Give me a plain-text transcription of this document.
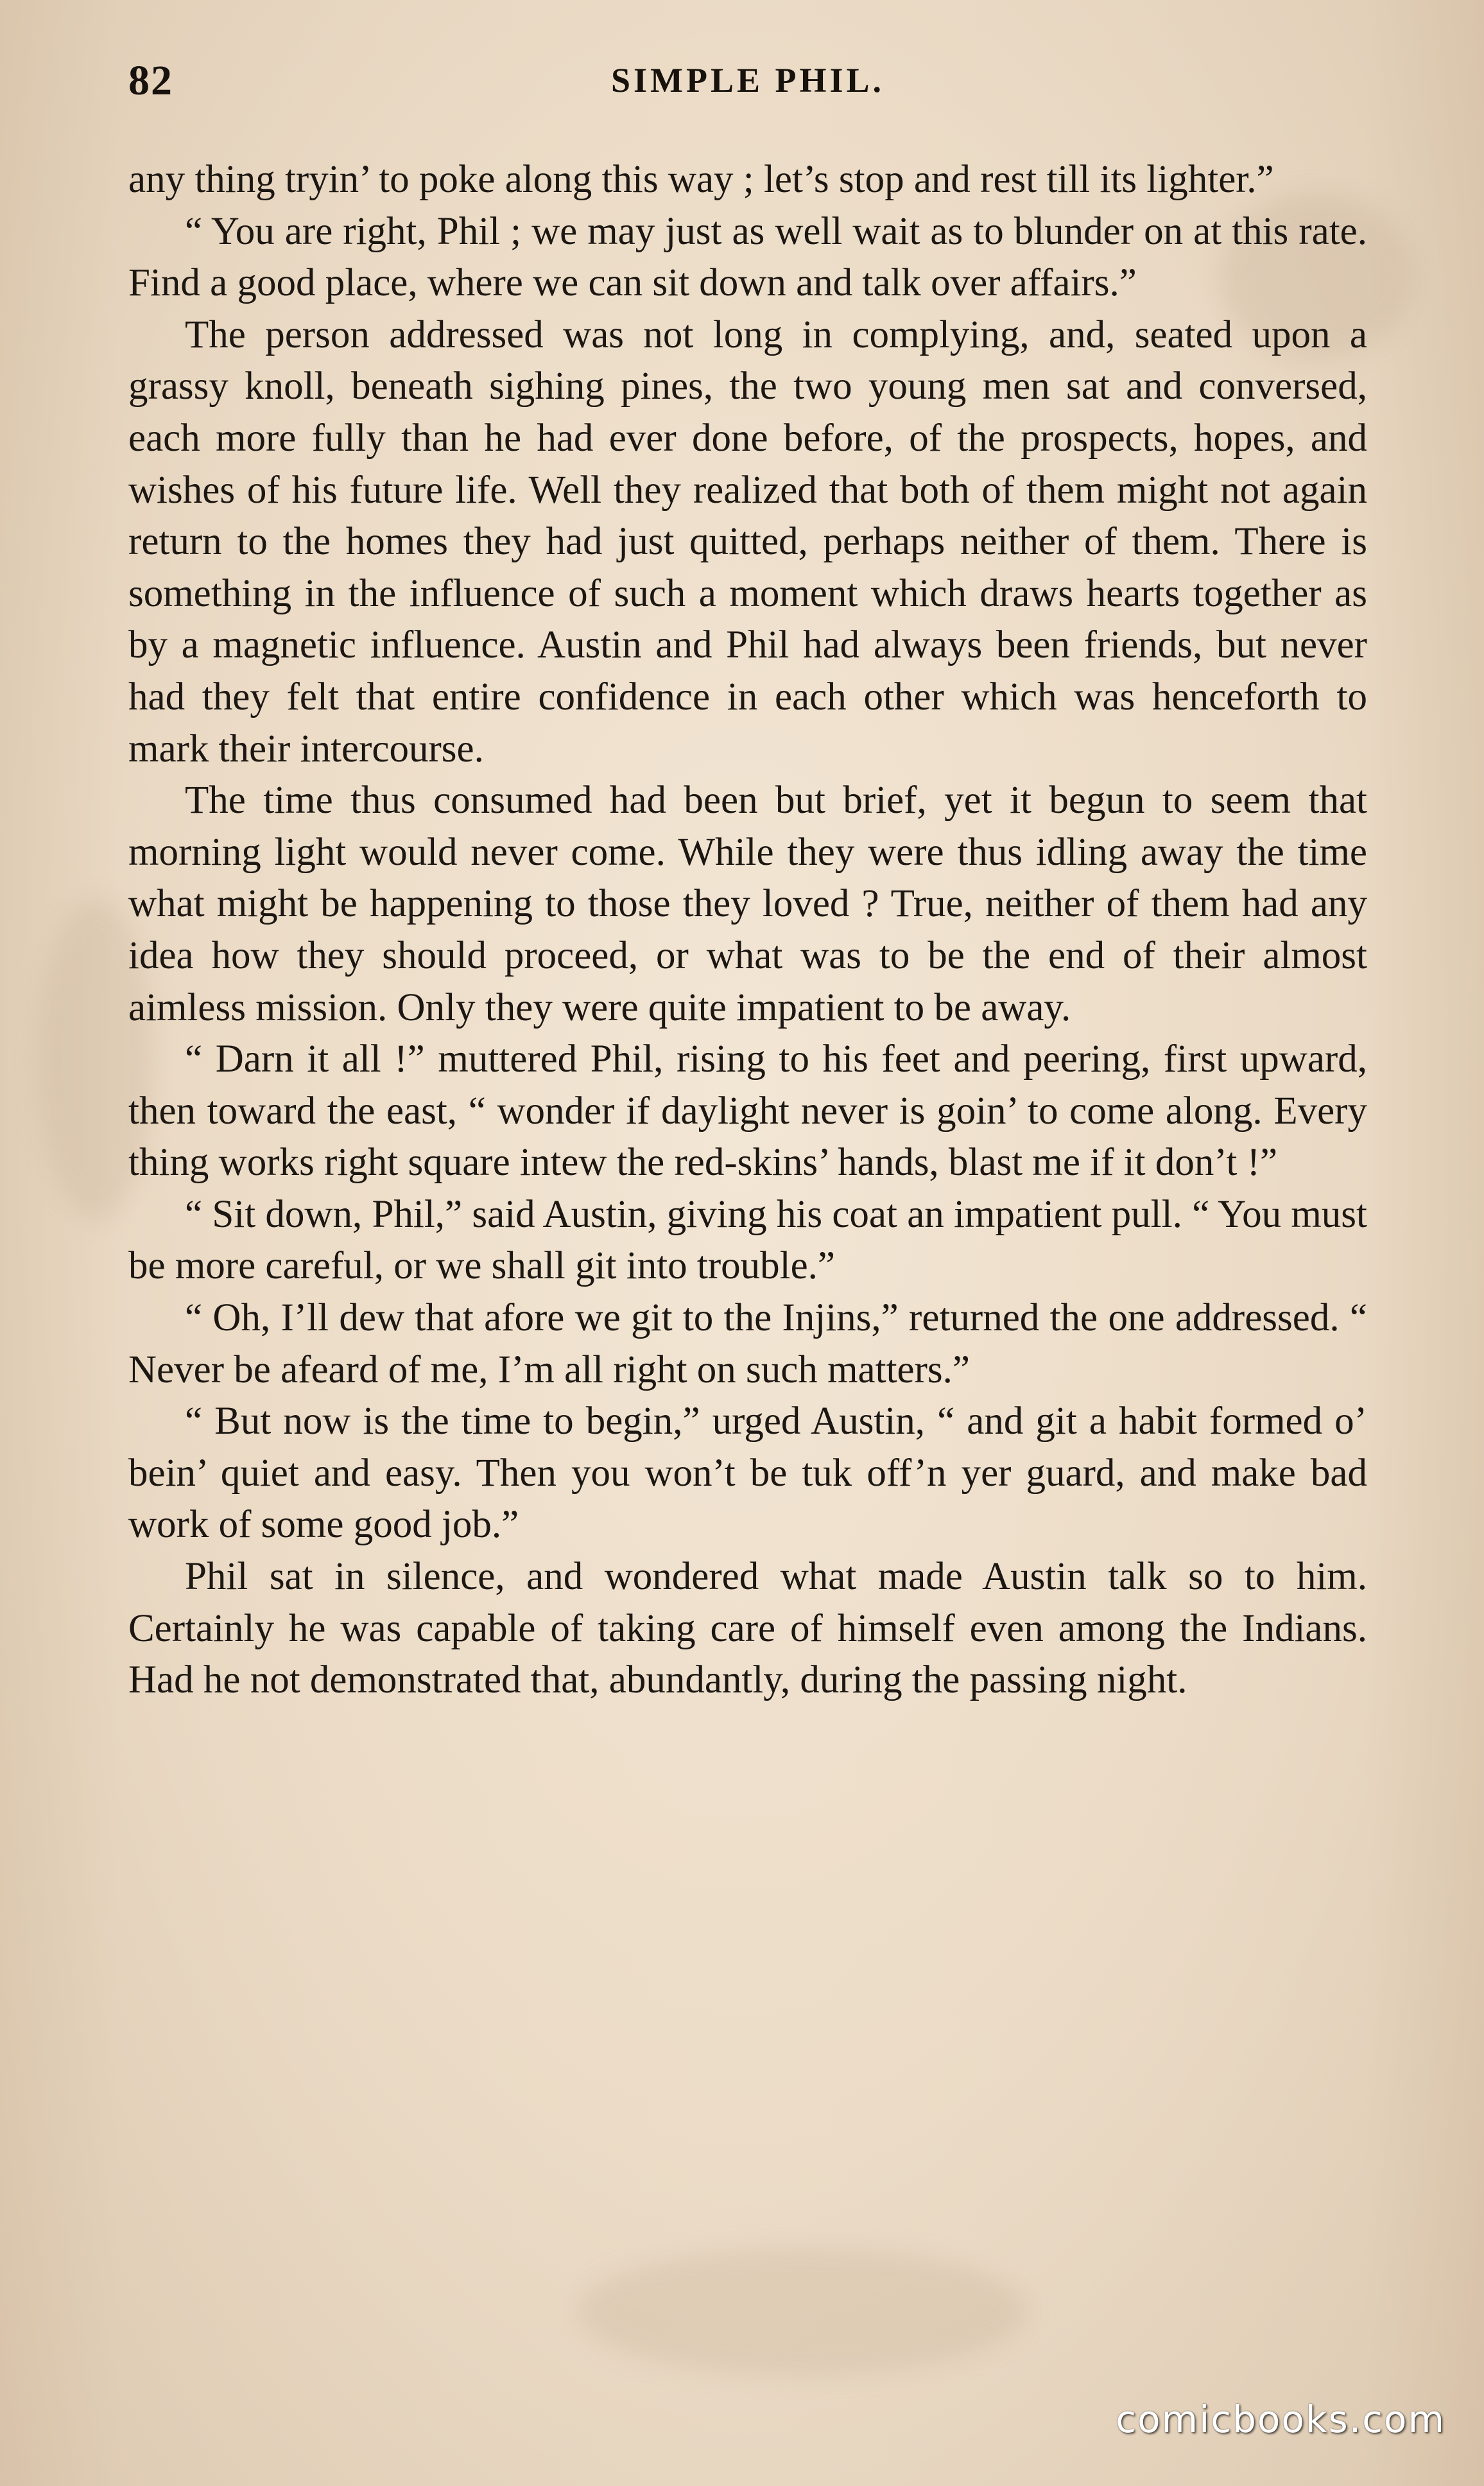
82	SIMPLE PHIL.

any thing tryin’ to poke along this way ; let’s stop and rest till its lighter.”

“ You are right, Phil ; we may just as well wait as to blunder on at this rate. Find a good place, where we can sit down and talk over affairs.”

The person addressed was not long in complying, and, seated upon a grassy knoll, beneath sighing pines, the two young men sat and conversed, each more fully than he had ever done before, of the prospects, hopes, and wishes of his future life. Well they realized that both of them might not again return to the homes they had just quitted, perhaps neither of them. There is something in the influence of such a moment which draws hearts together as by a magnetic influence. Austin and Phil had always been friends, but never had they felt that entire confidence in each other which was henceforth to mark their intercourse.

The time thus consumed had been but brief, yet it begun to seem that morning light would never come. While they were thus idling away the time what might be happening to those they loved ? True, neither of them had any idea how they should proceed, or what was to be the end of their almost aimless mission. Only they were quite impatient to be away.

“ Darn it all !” muttered Phil, rising to his feet and peering, first upward, then toward the east, “ wonder if daylight never is goin’ to come along. Every thing works right square intew the red-skins’ hands, blast me if it don’t !”

“ Sit down, Phil,” said Austin, giving his coat an impatient pull. “ You must be more careful, or we shall git into trouble.”

“ Oh, I’ll dew that afore we git to the Injins,” returned the one addressed. “ Never be afeard of me, I’m all right on such matters.”

“ But now is the time to begin,” urged Austin, “ and git a habit formed o’ bein’ quiet and easy. Then you won’t be tuk off’n yer guard, and make bad work of some good job.”

Phil sat in silence, and wondered what made Austin talk so to him. Certainly he was capable of taking care of himself even among the Indians. Had he not demonstrated that, abundantly, during the passing night.

comicbooks.com
